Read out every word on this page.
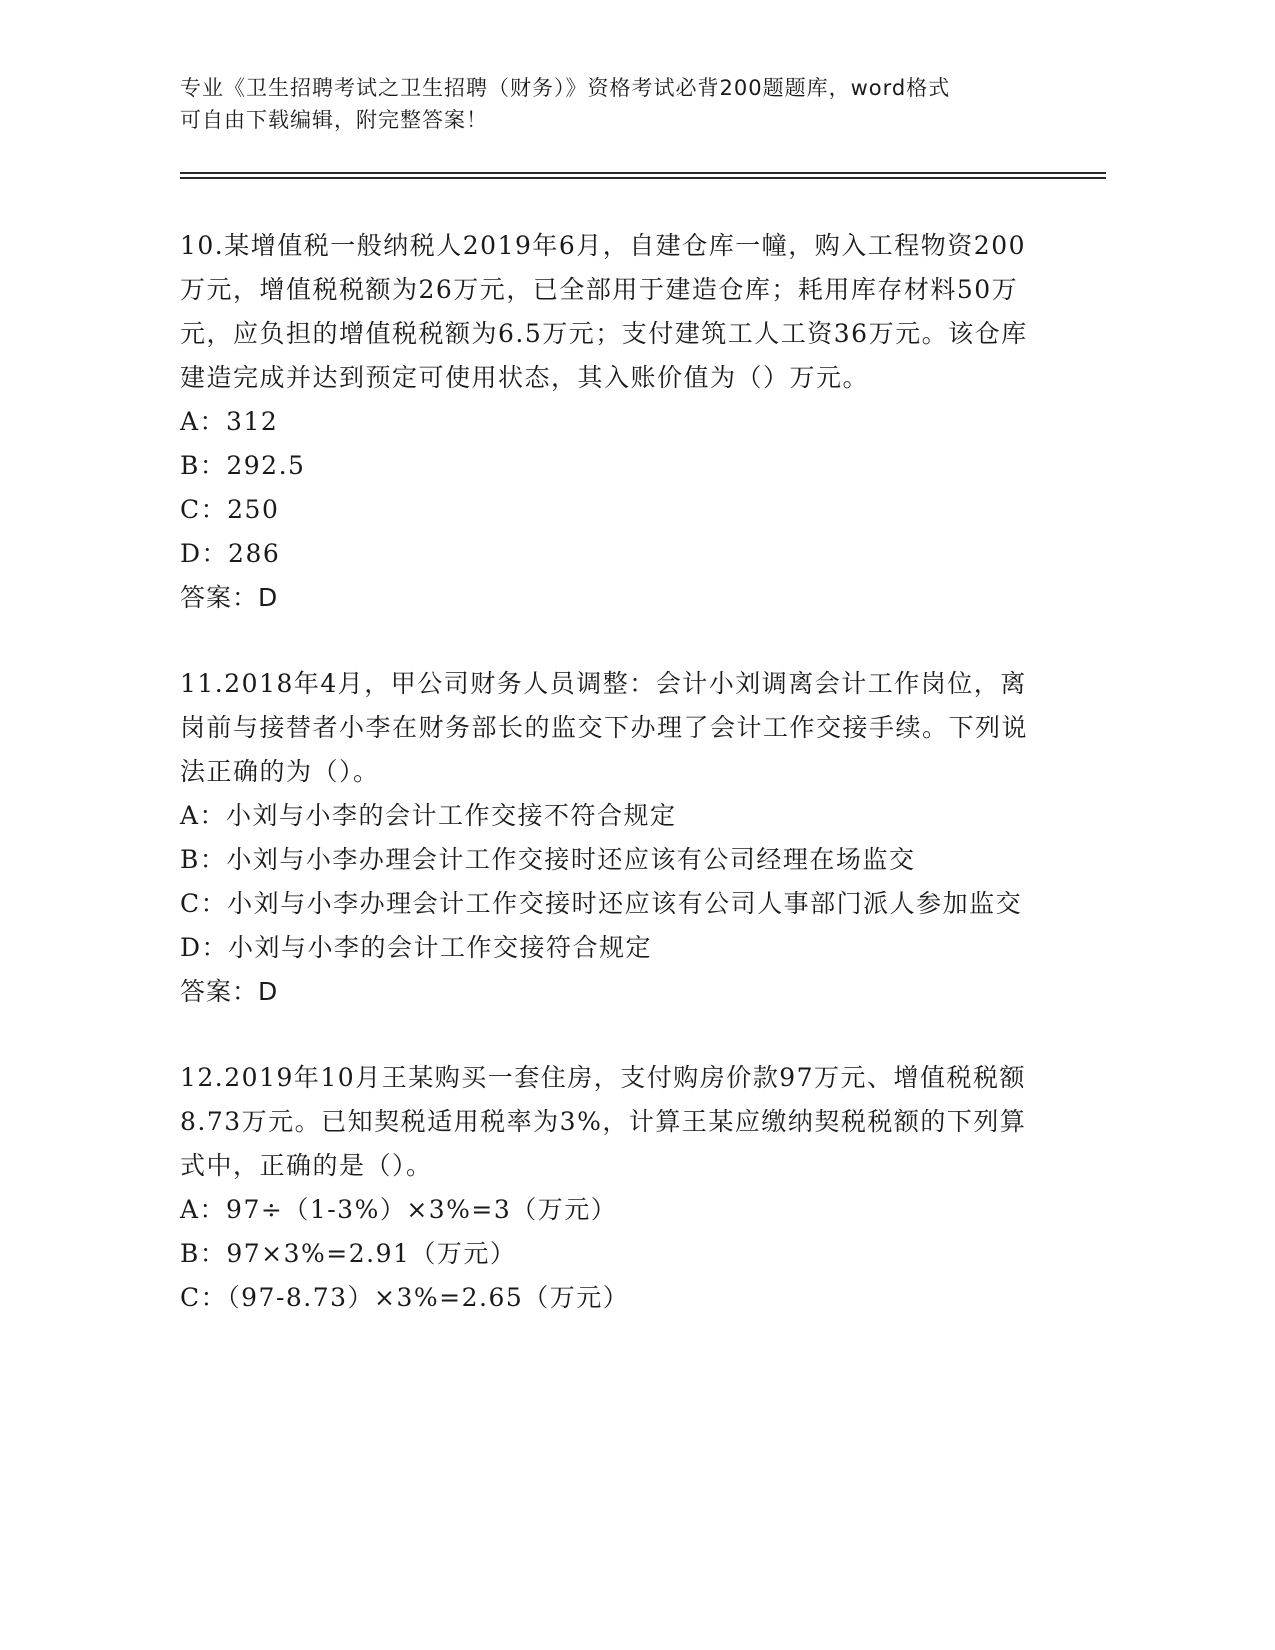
专业《卫生招聘考试之卫生招聘（财务）》资格考试必背200题题库，word格式

可自由下载编辑，附完整答案！

10.某增值税一般纳税人2019年6月，自建仓库一幢，购入工程物资200万元，增值税税额为26万元，已全部用于建造仓库；耗用库存材料50万元，应负担的增值税税额为6.5万元；支付建筑工人工资36万元。该仓库建造完成并达到预定可使用状态，其入账价值为（）万元。

A：312

B：292.5

C：250

D：286

答案：D

11.2018年4月，甲公司财务人员调整：会计小刘调离会计工作岗位，离岗前与接替者小李在财务部长的监交下办理了会计工作交接手续。下列说法正确的为（）。

A：小刘与小李的会计工作交接不符合规定

B：小刘与小李办理会计工作交接时还应该有公司经理在场监交

C：小刘与小李办理会计工作交接时还应该有公司人事部门派人参加监交

D：小刘与小李的会计工作交接符合规定

答案：D

12.2019年10月王某购买一套住房，支付购房价款97万元、增值税税额8.73万元。已知契税适用税率为3%，计算王某应缴纳契税税额的下列算式中，正确的是（）。

A：97÷（1-3%）×3%=3（万元）

B：97×3%=2.91（万元）

C：（97-8.73）×3%=2.65（万元）
